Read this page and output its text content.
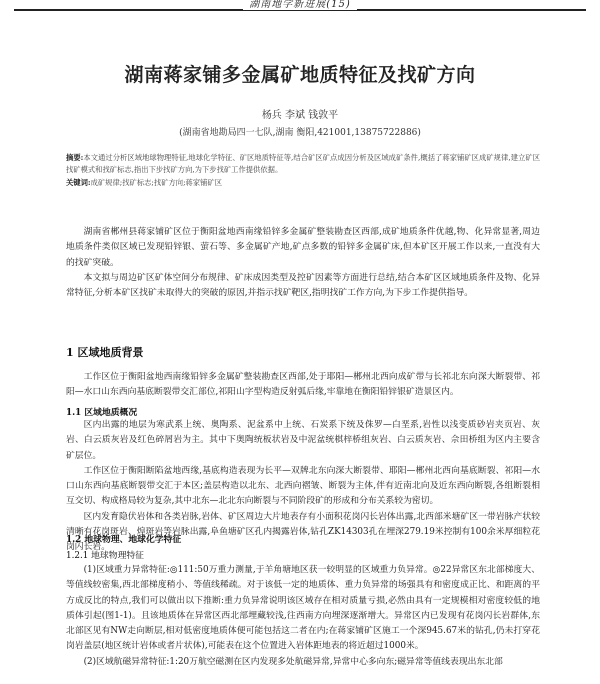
湖南地学新进展(15)
湖南蒋家铺多金属矿地质特征及找矿方向
杨兵 李斌 钱敦平
(湖南省地勘局四一七队,湖南 衡阳,421001,13875722886)
摘要:本文通过分析区域地球物理特征,地球化学特征、矿区地质特征等,结合矿区矿点成因分析及区域成矿条件,概括了蒋家铺矿区成矿规律,建立矿区找矿模式和找矿标志,指出下步找矿方向,为下步找矿工作提供依据。
关键词:成矿规律;找矿标志;找矿方向;蒋家铺矿区

湖南省郴州县蒋家铺矿区位于衡阳盆地西南缘铅锌多金属矿整装勘查区西部,成矿地质条件优越,物、化异常显著,周边地质条件类似区域已发现铅锌银、萤石等、多金属矿产地,矿点多数的铅锌多金属矿床,但本矿区开展工作以来,一直没有大的找矿突破。

本文拟与周边矿区矿体空间分布规律、矿床成因类型及控矿因素等方面进行总结,结合本矿区区域地质条件及物、化异常特征,分析本矿区找矿未取得大的突破的原因,并指示找矿靶区,指明找矿工作方向,为下步工作提供指导。

1 区域地质背景

工作区位于衡阳盆地西南缘铅锌多金属矿整装勘查区西部,处于耶阳—郴州北西向成矿带与长祁北东向深大断裂带、祁阳—水口山东西向基底断裂带交汇部位,祁阳山字型构造反射弧后缘,牢靠地在衡阳铅锌银矿造景区内。

1.1 区域地质概况

区内出露的地层为寒武系上统、奥陶系、泥盆系中上统、石炭系下统及侏罗—白垩系,岩性以浅变质砂岩夹页岩、灰岩、白云质灰岩及红色碎屑岩为主。其中下奥陶统板状岩及中泥盆统棋梓桥组灰岩、白云质灰岩、佘田桥组为区内主要含矿层位。

工作区位于衡阳断陷盆地西缘,基底构造表现为长平—双牌北东向深大断裂带、耶阳—郴州北西向基底断裂、祁阳—水口山东西向基底断裂带交汇于本区;盖层构造以北东、北西向褶皱、断裂为主体,伴有近南北向及近东西向断裂,各组断裂相互交切、构成格局较为复杂,其中北东—北北东向断裂与不同阶段矿的形成和分布关系较为密切。

区内发育隐伏岩体和各类岩脉,岩体、矿区周边大片地表存有小面积花岗闪长岩体出露,北西部米塘矿区一带岩脉产状较清晰有花岗斑岩、煌斑岩等岩脉出露,阜鱼塘矿区孔内揭露岩体,钻孔ZK14303孔在埋深279.19米控制有100余米厚细粒花岗闪长岩。

1.2 地球物理、地球化学特征
1.2.1 地球物理特征

(1)区域重力异常特征:◎111:50万重力测量,于羊角塘地区获一较明显的区域重力负异常。◎22异常区东北部梯度大、等值线较密集,西北部梯度稍小、等值线稀疏。对于该低一定的地质体、重力负异常的场强具有和密度成正比、和距离的平方成反比的特点,我们可以做出以下推断:重力负异常说明该区域存在相对质量亏损,必然由具有一定规模相对密度较低的地质体引起(图1-1)。且该地质体在异常区西北部埋藏较浅,往西南方向埋深逐渐增大。异常区内已发现有花岗闪长岩群体,东北部区见有NW走向断层,相对低密度地质体便可能包括这二者在内;在蒋家铺矿区施工一个深945.67米的钻孔,仍未打穿花岗岩盖层(地区统计岩体或者片状体),可能表在这个位置进入岩体距地表的将近超过1000米。

(2)区域航磁异常特征:1:20万航空磁测在区内发现多处航磁异常,异常中心多向东;磁异常等值线表现出东北部
